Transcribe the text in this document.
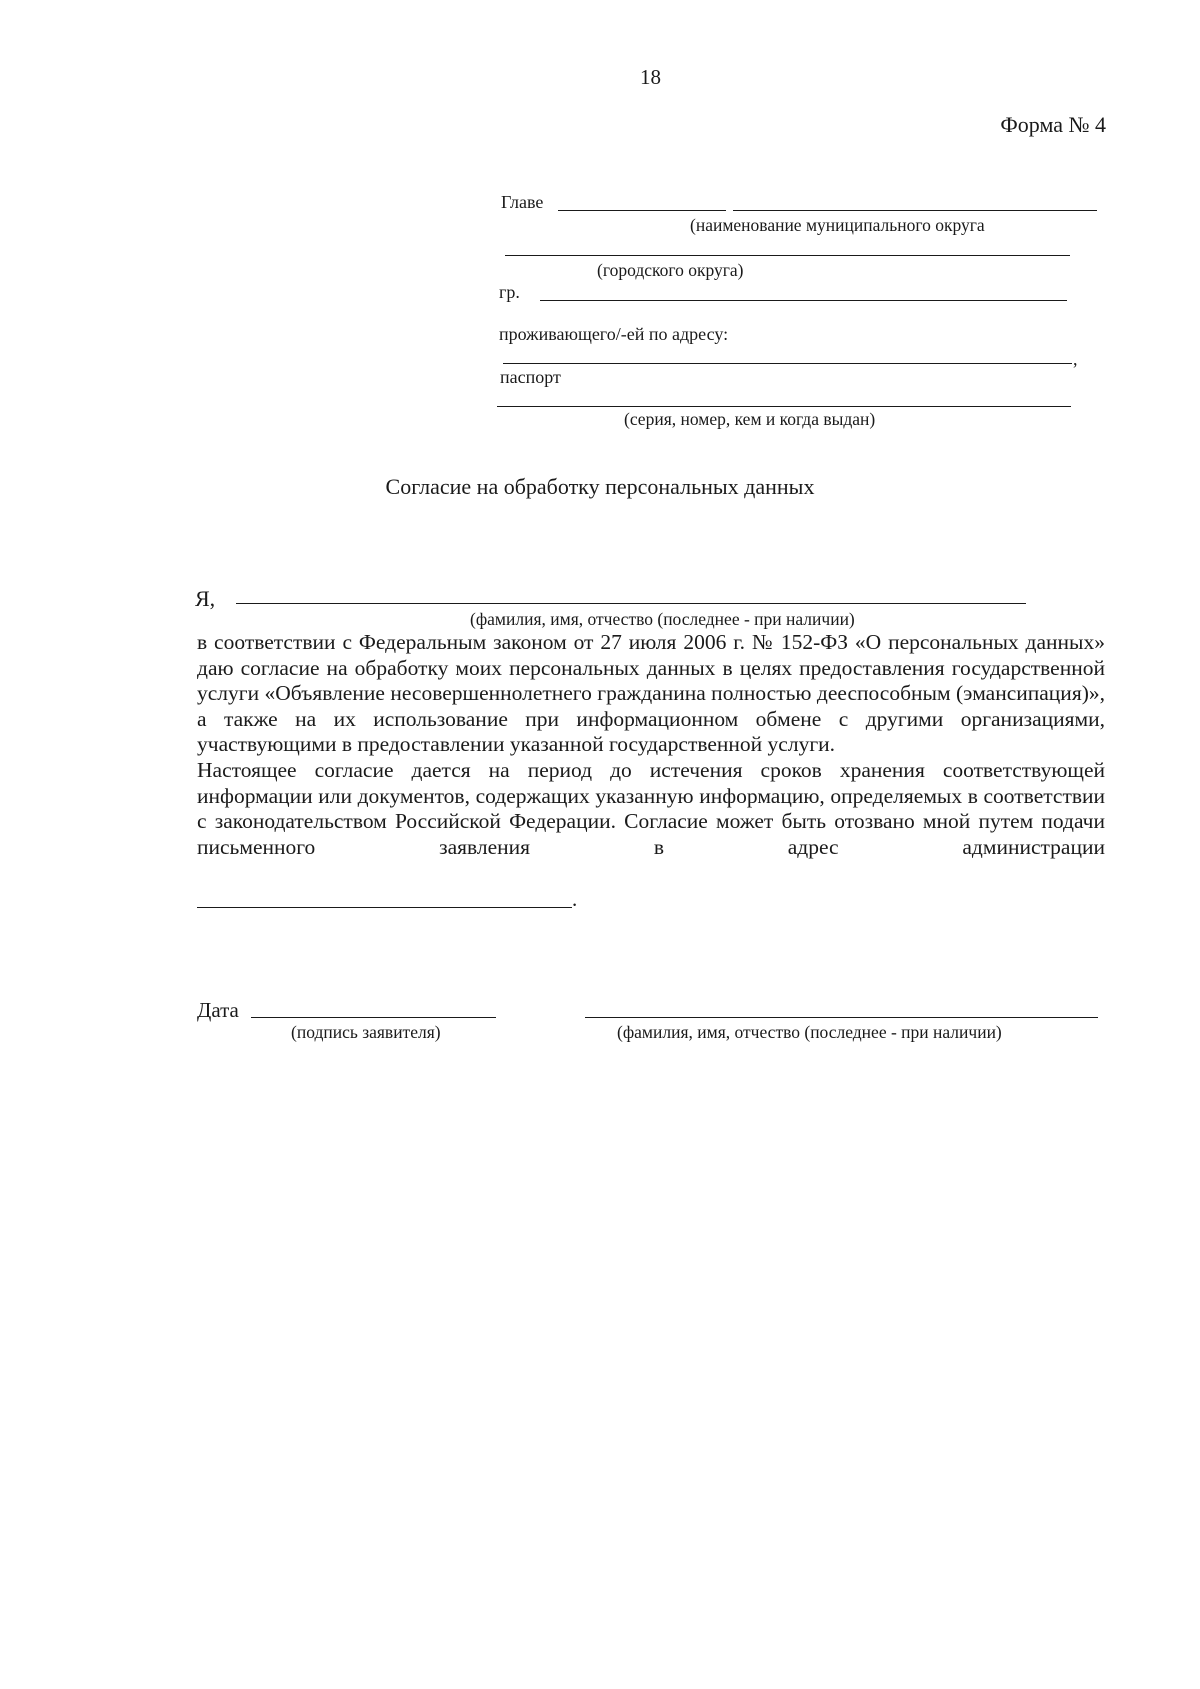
18
Форма № 4
Главе
(наименование муниципального округа
(городского округа)
гр.
проживающего/-ей по адресу:
,
паспорт
(серия, номер, кем и когда выдан)
Согласие на обработку персональных данных
Я,
(фамилия, имя, отчество (последнее - при наличии)

в соответствии с Федеральным законом от 27 июля 2006 г. № 152-ФЗ «О персональных данных» даю согласие на обработку моих персональных данных в целях предоставления государственной услуги «Объявление несовершеннолетнего гражданина полностью дееспособным (эмансипация)», а также на их использование при информационном обмене с другими организациями, участвующими в предоставлении указанной государственной услуги.

Настоящее согласие дается на период до истечения сроков хранения соответствующей информации или документов, содержащих указанную информацию, определяемых в соответствии с законодательством Российской Федерации. Согласие может быть отозвано мной путем подачи письменного заявления в адрес администрации

.
Дата
(подпись заявителя)	(фамилия, имя, отчество (последнее - при наличии)
